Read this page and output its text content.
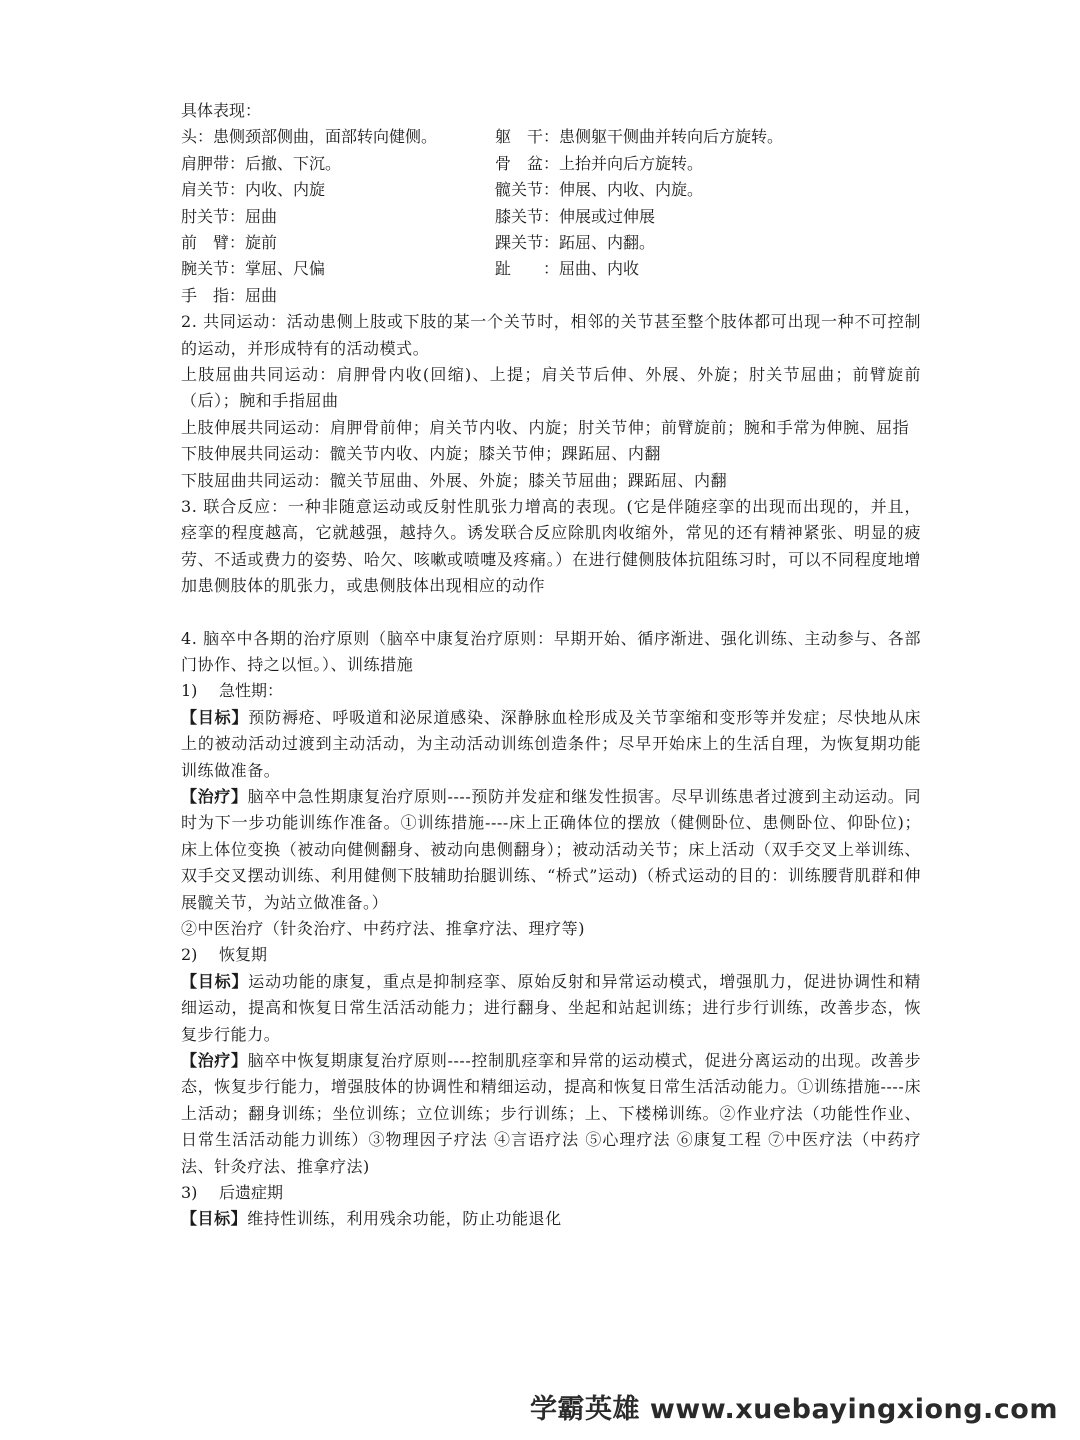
具体表现：
头：患侧颈部侧曲，面部转向健侧。	躯　干：患侧躯干侧曲并转向后方旋转。
肩胛带：后撤、下沉。	骨　盆：上抬并向后方旋转。
肩关节：内收、内旋	髋关节：伸展、内收、内旋。
肘关节：屈曲	膝关节：伸展或过伸展
前　臂：旋前	踝关节：跖屈、内翻。
腕关节：掌屈、尺偏	趾　　：屈曲、内收
手　指：屈曲
2. 共同运动：活动患侧上肢或下肢的某一个关节时，相邻的关节甚至整个肢体都可出现一种不可控制的运动，并形成特有的活动模式。
上肢屈曲共同运动：肩胛骨内收(回缩)、上提；肩关节后伸、外展、外旋；肘关节屈曲；前臂旋前（后）；腕和手指屈曲
上肢伸展共同运动：肩胛骨前伸；肩关节内收、内旋；肘关节伸；前臂旋前；腕和手常为伸腕、屈指
下肢伸展共同运动：髋关节内收、内旋；膝关节伸；踝跖屈、内翻
下肢屈曲共同运动：髋关节屈曲、外展、外旋；膝关节屈曲；踝跖屈、内翻
3. 联合反应：一种非随意运动或反射性肌张力增高的表现。(它是伴随痉挛的出现而出现的，并且，痉挛的程度越高，它就越强，越持久。诱发联合反应除肌肉收缩外，常见的还有精神紧张、明显的疲劳、不适或费力的姿势、哈欠、咳嗽或喷嚏及疼痛。）在进行健侧肢体抗阻练习时，可以不同程度地增加患侧肢体的肌张力，或患侧肢体出现相应的动作
4. 脑卒中各期的治疗原则（脑卒中康复治疗原则：早期开始、循序渐进、强化训练、主动参与、各部门协作、持之以恒。）、训练措施
1) 急性期：
【目标】预防褥疮、呼吸道和泌尿道感染、深静脉血栓形成及关节挛缩和变形等并发症；尽快地从床上的被动活动过渡到主动活动，为主动活动训练创造条件；尽早开始床上的生活自理，为恢复期功能训练做准备。
【治疗】脑卒中急性期康复治疗原则----预防并发症和继发性损害。尽早训练患者过渡到主动运动。同时为下一步功能训练作准备。①训练措施----床上正确体位的摆放（健侧卧位、患侧卧位、仰卧位)；床上体位变换（被动向健侧翻身、被动向患侧翻身）；被动活动关节；床上活动（双手交叉上举训练、双手交叉摆动训练、利用健侧下肢辅助抬腿训练、“桥式”运动)（桥式运动的目的：训练腰背肌群和伸展髋关节，为站立做准备。）
②中医治疗（针灸治疗、中药疗法、推拿疗法、理疗等)
2) 恢复期
【目标】运动功能的康复，重点是抑制痉挛、原始反射和异常运动模式，增强肌力，促进协调性和精细运动，提高和恢复日常生活活动能力；进行翻身、坐起和站起训练；进行步行训练，改善步态，恢复步行能力。
【治疗】脑卒中恢复期康复治疗原则----控制肌痉挛和异常的运动模式，促进分离运动的出现。改善步态，恢复步行能力，增强肢体的协调性和精细运动，提高和恢复日常生活活动能力。①训练措施----床上活动；翻身训练；坐位训练；立位训练；步行训练；上、下楼梯训练。②作业疗法（功能性作业、日常生活活动能力训练）③物理因子疗法 ④言语疗法 ⑤心理疗法 ⑥康复工程 ⑦中医疗法（中药疗法、针灸疗法、推拿疗法)
3) 后遗症期
【目标】维持性训练，利用残余功能，防止功能退化
学霸英雄 www.xuebayingxiong.com
